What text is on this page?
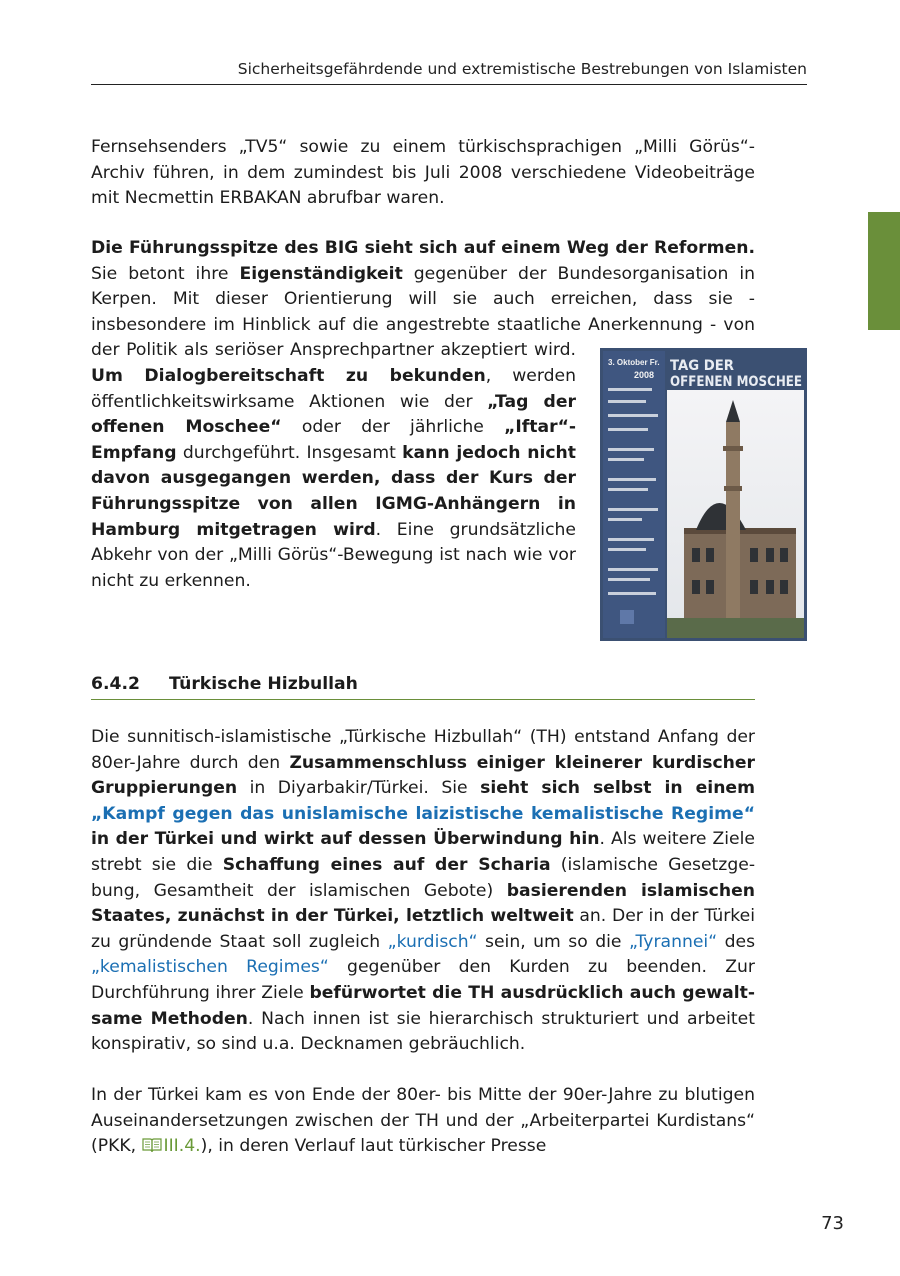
Sicherheitsgefährdende und extremistische Bestrebungen von Islamisten

Fernsehsenders „TV5“ sowie zu einem türkischsprachigen „Milli Görüs“-Archiv führen, in dem zumindest bis Juli 2008 verschiedene Videobeiträge mit Necmettin ERBAKAN abrufbar waren.

Die Führungsspitze des BIG sieht sich auf einem Weg der Reformen. Sie betont ihre Eigenständigkeit gegenüber der Bundesorganisation in Kerpen. Mit dieser Orientierung will sie auch erreichen, dass sie - insbesondere im Hinblick auf die angestrebte staatliche Anerkennung - von der Politik als seriöser Ansprechpartner akzeptiert wird.
3. Oktober Fr.
2008
TAG DER
OFFENEN MOSCHEE
Um Dialogbereitschaft zu bekunden, werden öffentlichkeitswirksame Aktionen wie der „Tag der offenen Moschee“ oder der jährliche „Iftar“-Empfang durchgeführt. Insgesamt kann jedoch nicht davon ausgegangen werden, dass der Kurs der Führungsspitze von allen IGMG-Anhängern in Hamburg mitgetragen wird. Eine grundsätzliche Abkehr von der „Milli Görüs“-Bewegung ist nach wie vor nicht zu erkennen.

6.4.2 Türkische Hizbullah

Die sunnitisch-islamistische „Türkische Hizbullah“ (TH) entstand Anfang der 80er-Jahre durch den Zusammenschluss einiger kleinerer kurdischer Gruppierungen in Diyarbakir/Türkei. Sie sieht sich selbst in einem „Kampf gegen das unislamische laizistische kemalistische Regime“ in der Türkei und wirkt auf dessen Überwindung hin. Als weitere Ziele strebt sie die Schaffung eines auf der Scharia (islamische Gesetzgebung, Gesamtheit der islamischen Gebote) basierenden islamischen Staates, zunächst in der Türkei, letztlich weltweit an. Der in der Türkei zu gründende Staat soll zugleich „kurdisch“ sein, um so die „Tyrannei“ des „kemalistischen Regimes“ gegenüber den Kurden zu beenden. Zur Durchführung ihrer Ziele befürwortet die TH ausdrücklich auch gewaltsame Methoden. Nach innen ist sie hierarchisch strukturiert und arbeitet konspirativ, so sind u.a. Decknamen gebräuchlich.

In der Türkei kam es von Ende der 80er- bis Mitte der 90er-Jahre zu blutigen Auseinandersetzungen zwischen der TH und der „Arbeiterpartei Kurdistans“ (PKK, III.4.), in deren Verlauf laut türkischer Presse

73
